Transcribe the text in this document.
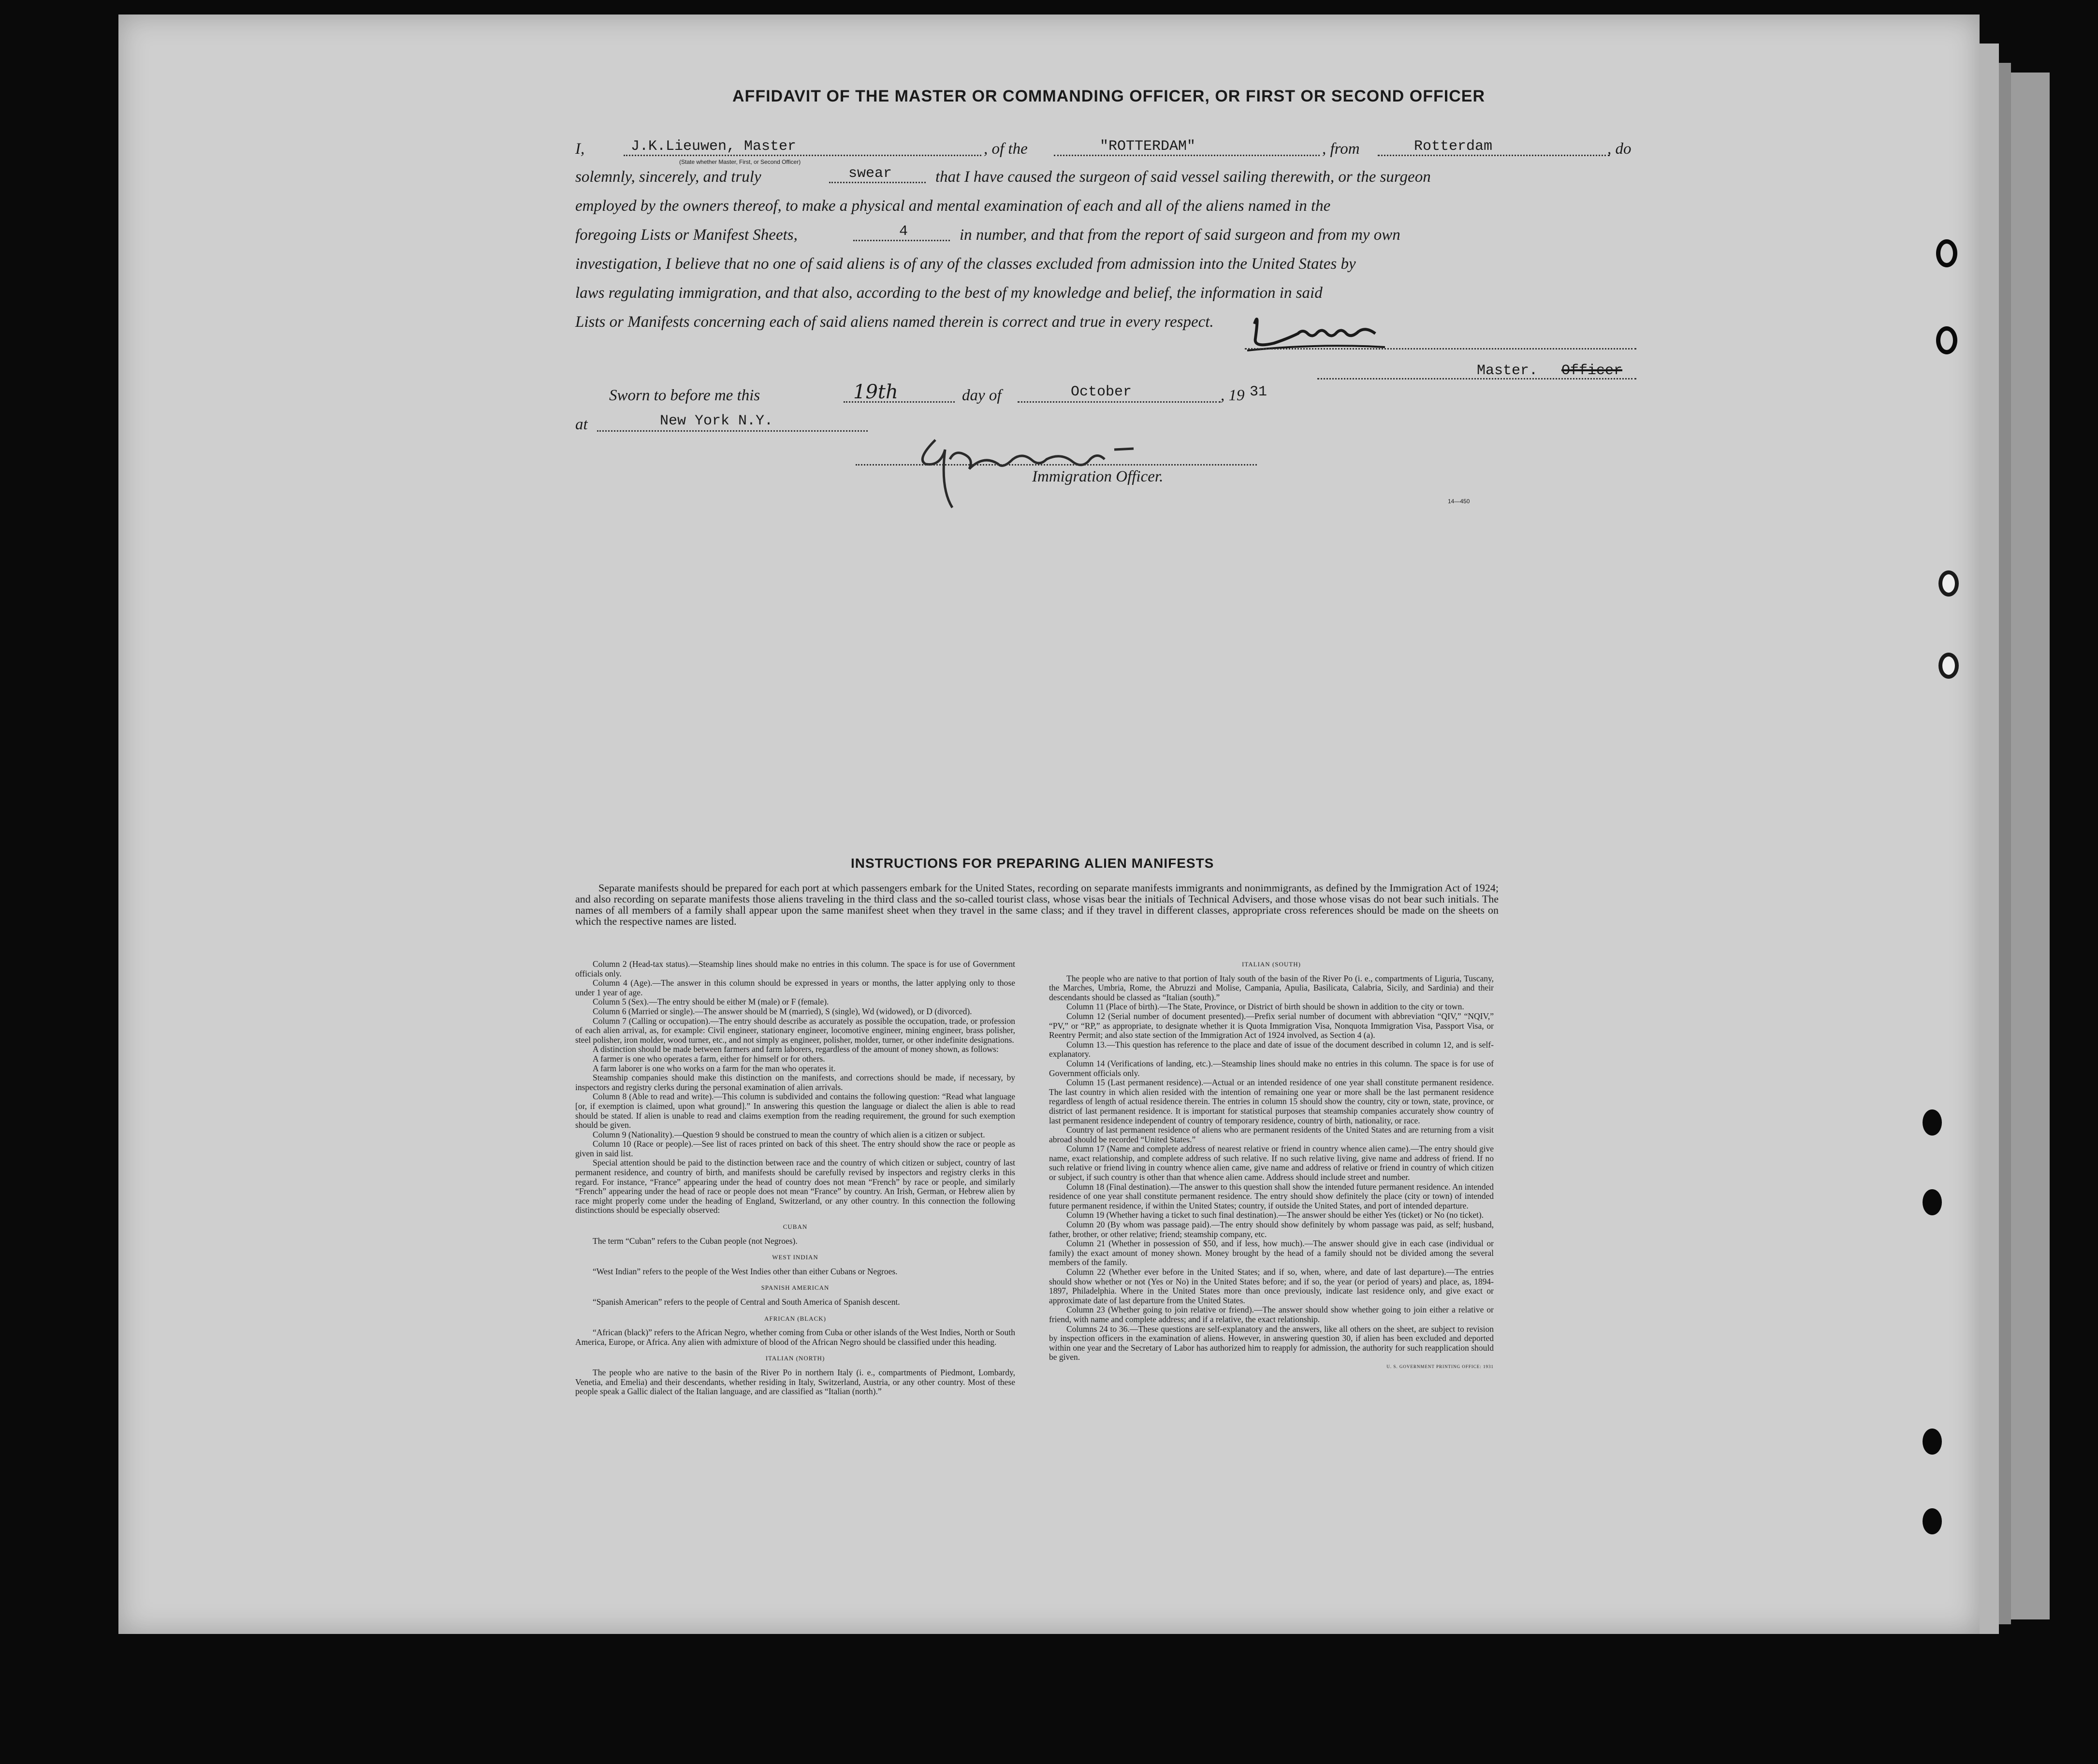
AFFIDAVIT OF THE MASTER OR COMMANDING OFFICER, OR FIRST OR SECOND OFFICER
I,	J.K.Lieuwen, Master
(State whether Master, First, or Second Officer)
, of the	"ROTTERDAM"	, from	Rotterdam	, do
solemnly, sincerely, and truly	swear	that I have caused the surgeon of said vessel sailing therewith, or the surgeon
employed by the owners thereof, to make a physical and mental examination of each and all of the aliens named in the
foregoing Lists or Manifest Sheets,	4	in number, and that from the report of said surgeon and from my own
investigation, I believe that no one of said aliens is of any of the classes excluded from admission into the United States by
laws regulating immigration, and that also, according to the best of my knowledge and belief, the information in said
Lists or Manifests concerning each of said aliens named therein is correct and true in every respect.
Master. Officer
Sworn to before me this	19th	day of	October	, 19 31
at	New York N.Y.
Immigration Officer.
14—450
INSTRUCTIONS FOR PREPARING ALIEN MANIFESTS

Separate manifests should be prepared for each port at which passengers embark for the United States, recording on separate manifests immigrants and nonimmigrants, as defined by the Immigration Act of 1924; and also recording on separate manifests those aliens traveling in the third class and the so-called tourist class, whose visas bear the initials of Technical Advisers, and those whose visas do not bear such initials. The names of all members of a family shall appear upon the same manifest sheet when they travel in the same class; and if they travel in different classes, appropriate cross references should be made on the sheets on which the respective names are listed.

Column 2 (Head-tax status).—Steamship lines should make no entries in this column. The space is for use of Government officials only.

Column 4 (Age).—The answer in this column should be expressed in years or months, the latter applying only to those under 1 year of age.

Column 5 (Sex).—The entry should be either M (male) or F (female).

Column 6 (Married or single).—The answer should be M (married), S (single), Wd (widowed), or D (divorced).

Column 7 (Calling or occupation).—The entry should describe as accurately as possible the occupation, trade, or profession of each alien arrival, as, for example: Civil engineer, stationary engineer, locomotive engineer, mining engineer, brass polisher, steel polisher, iron molder, wood turner, etc., and not simply as engineer, polisher, molder, turner, or other indefinite designations.

A distinction should be made between farmers and farm laborers, regardless of the amount of money shown, as follows:

A farmer is one who operates a farm, either for himself or for others.

A farm laborer is one who works on a farm for the man who operates it.

Steamship companies should make this distinction on the manifests, and corrections should be made, if necessary, by inspectors and registry clerks during the personal examination of alien arrivals.

Column 8 (Able to read and write).—This column is subdivided and contains the following question: “Read what language [or, if exemption is claimed, upon what ground].” In answering this question the language or dialect the alien is able to read should be stated. If alien is unable to read and claims exemption from the reading requirement, the ground for such exemption should be given.

Column 9 (Nationality).—Question 9 should be construed to mean the country of which alien is a citizen or subject.

Column 10 (Race or people).—See list of races printed on back of this sheet. The entry should show the race or people as given in said list.

Special attention should be paid to the distinction between race and the country of which citizen or subject, country of last permanent residence, and country of birth, and manifests should be carefully revised by inspectors and registry clerks in this regard. For instance, “France” appearing under the head of country does not mean “French” by race or people, and similarly “French” appearing under the head of race or people does not mean “France” by country. An Irish, German, or Hebrew alien by race might properly come under the heading of England, Switzerland, or any other country. In this connection the following distinctions should be especially observed:

CUBAN

The term “Cuban” refers to the Cuban people (not Negroes).

WEST INDIAN

“West Indian” refers to the people of the West Indies other than either Cubans or Negroes.

SPANISH AMERICAN

“Spanish American” refers to the people of Central and South America of Spanish descent.

AFRICAN (BLACK)

“African (black)” refers to the African Negro, whether coming from Cuba or other islands of the West Indies, North or South America, Europe, or Africa. Any alien with admixture of blood of the African Negro should be classified under this heading.

ITALIAN (NORTH)

The people who are native to the basin of the River Po in northern Italy (i. e., compartments of Piedmont, Lombardy, Venetia, and Emelia) and their descendants, whether residing in Italy, Switzerland, Austria, or any other country. Most of these people speak a Gallic dialect of the Italian language, and are classified as “Italian (north).”

ITALIAN (SOUTH)

The people who are native to that portion of Italy south of the basin of the River Po (i. e., compartments of Liguria, Tuscany, the Marches, Umbria, Rome, the Abruzzi and Molise, Campania, Apulia, Basilicata, Calabria, Sicily, and Sardinia) and their descendants should be classed as “Italian (south).”

Column 11 (Place of birth).—The State, Province, or District of birth should be shown in addition to the city or town.

Column 12 (Serial number of document presented).—Prefix serial number of document with abbreviation “QIV,” “NQIV,” “PV,” or “RP,” as appropriate, to designate whether it is Quota Immigration Visa, Nonquota Immigration Visa, Passport Visa, or Reentry Permit; and also state section of the Immigration Act of 1924 involved, as Section 4 (a).

Column 13.—This question has reference to the place and date of issue of the document described in column 12, and is self-explanatory.

Column 14 (Verifications of landing, etc.).—Steamship lines should make no entries in this column. The space is for use of Government officials only.

Column 15 (Last permanent residence).—Actual or an intended residence of one year shall constitute permanent residence. The last country in which alien resided with the intention of remaining one year or more shall be the last permanent residence regardless of length of actual residence therein. The entries in column 15 should show the country, city or town, state, province, or district of last permanent residence. It is important for statistical purposes that steamship companies accurately show country of last permanent residence independent of country of temporary residence, country of birth, nationality, or race.

Country of last permanent residence of aliens who are permanent residents of the United States and are returning from a visit abroad should be recorded “United States.”

Column 17 (Name and complete address of nearest relative or friend in country whence alien came).—The entry should give name, exact relationship, and complete address of such relative. If no such relative living, give name and address of friend. If no such relative or friend living in country whence alien came, give name and address of relative or friend in country of which citizen or subject, if such country is other than that whence alien came. Address should include street and number.

Column 18 (Final destination).—The answer to this question shall show the intended future permanent residence. An intended residence of one year shall constitute permanent residence. The entry should show definitely the place (city or town) of intended future permanent residence, if within the United States; country, if outside the United States, and port of intended departure.

Column 19 (Whether having a ticket to such final destination).—The answer should be either Yes (ticket) or No (no ticket).

Column 20 (By whom was passage paid).—The entry should show definitely by whom passage was paid, as self; husband, father, brother, or other relative; friend; steamship company, etc.

Column 21 (Whether in possession of $50, and if less, how much).—The answer should give in each case (individual or family) the exact amount of money shown. Money brought by the head of a family should not be divided among the several members of the family.

Column 22 (Whether ever before in the United States; and if so, when, where, and date of last departure).—The entries should show whether or not (Yes or No) in the United States before; and if so, the year (or period of years) and place, as, 1894-1897, Philadelphia. Where in the United States more than once previously, indicate last residence only, and give exact or approximate date of last departure from the United States.

Column 23 (Whether going to join relative or friend).—The answer should show whether going to join either a relative or friend, with name and complete address; and if a relative, the exact relationship.

Columns 24 to 36.—These questions are self-explanatory and the answers, like all others on the sheet, are subject to revision by inspection officers in the examination of aliens. However, in answering question 30, if alien has been excluded and deported within one year and the Secretary of Labor has authorized him to reapply for admission, the authority for such reapplication should be given.

U. S. GOVERNMENT PRINTING OFFICE: 1931
